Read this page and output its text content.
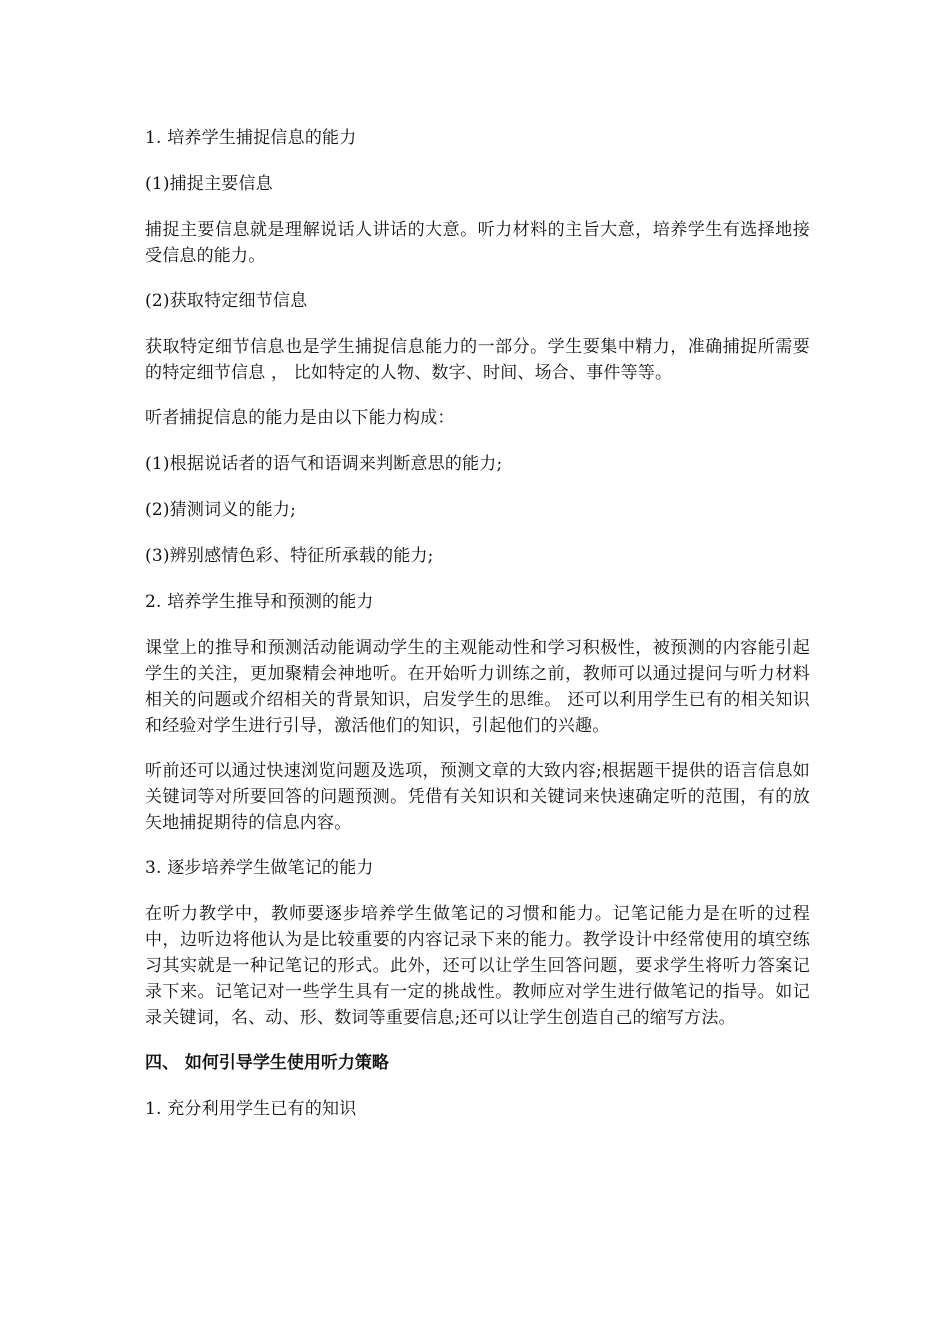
1. 培养学生捕捉信息的能力

(1)捕捉主要信息

捕捉主要信息就是理解说话人讲话的大意。听力材料的主旨大意，培养学生有选择地接受信息的能力。

(2)获取特定细节信息

获取特定细节信息也是学生捕捉信息能力的一部分。学生要集中精力，准确捕捉所需要的特定细节信息 ， 比如特定的人物、数字、时间、场合、事件等等。

听者捕捉信息的能力是由以下能力构成：

(1)根据说话者的语气和语调来判断意思的能力;

(2)猜测词义的能力;

(3)辨别感情色彩、特征所承载的能力;

2. 培养学生推导和预测的能力

课堂上的推导和预测活动能调动学生的主观能动性和学习积极性，被预测的内容能引起学生的关注，更加聚精会神地听。在开始听力训练之前，教师可以通过提问与听力材料相关的问题或介绍相关的背景知识，启发学生的思维。 还可以利用学生已有的相关知识和经验对学生进行引导，激活他们的知识，引起他们的兴趣。

听前还可以通过快速浏览问题及选项，预测文章的大致内容;根据题干提供的语言信息如关键词等对所要回答的问题预测。凭借有关知识和关键词来快速确定听的范围，有的放矢地捕捉期待的信息内容。

3. 逐步培养学生做笔记的能力

在听力教学中，教师要逐步培养学生做笔记的习惯和能力。记笔记能力是在听的过程中，边听边将他认为是比较重要的内容记录下来的能力。教学设计中经常使用的填空练习其实就是一种记笔记的形式。此外，还可以让学生回答问题，要求学生将听力答案记录下来。记笔记对一些学生具有一定的挑战性。教师应对学生进行做笔记的指导。如记录关键词，名、动、形、数词等重要信息;还可以让学生创造自己的缩写方法。

四、 如何引导学生使用听力策略

1. 充分利用学生已有的知识
